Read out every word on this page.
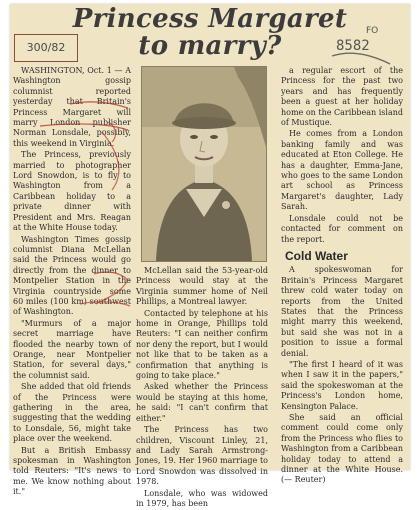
Princess Margaret
to marry?
300/82
FO
8582

WASHINGTON, Oct. 1 — A Washington gossip columnist reported yesterday that Britain's Princess Margaret will marry London publisher Norman Lonsdale, possibly, this weekend in Virginia.

The Princess, previously married to photographer Lord Snowdon, is to fly to Washington from a Caribbean holiday to a private dinner with President and Mrs. Reagan at the White House today.

Washington Times gossip columnist Diana McLellan said the Princess would go directly from the dinner to Montpelier Station in the Virginia countryside some 60 miles (100 km) southwest of Washington.

"Murmurs of a major secret marriage have flooded the nearby town of Orange, near Montpelier Station, for several days," the columnist said.

She added that old friends of the Princess were gathering in the area, suggesting that the wedding to Lonsdale, 56, might take place over the weekend.

But a British Embassy spokesman in Washington told Reuters: "It's news to me. We know nothing about it."

McLellan said the 53-year-old Princess would stay at the Virginia summer home of Neil Phillips, a Montreal lawyer.

Contacted by telephone at his home in Orange, Phillips told Reuters: "I can neither confirm nor deny the report, but I would not like that to be taken as a confirmation that anything is going to take place."

Asked whether the Princess would be staying at this home, he said: "I can't confirm that either."

The Princess has two children, Viscount Linley, 21, and Lady Sarah Armstrong-Jones, 19. Her 1960 marriage to Lord Snowdon was dissolved in 1978.

Lonsdale, who was widowed in 1979, has been

a regular escort of the Princess for the past two years and has frequently been a guest at her holiday home on the Caribbean island of Mustique.

He comes from a London banking family and was educated at Eton College. He has a daughter, Emma-Jane, who goes to the same London art school as Princess Margaret's daughter, Lady Sarah.

Lonsdale could not be contacted for comment on the report.

Cold Water

A spokeswoman for Britain's Princess Margaret threw cold water today on reports from the United States that the Princess might marry this weekend, but said she was not in a position to issue a formal denial.

"The first I heard of it was when I saw it in the papers," said the spokeswoman at the Princess's London home, Kensington Palace.

She said an official comment could come only from the Princess who flies to Washington from a Caribbean holiday today to attend a dinner at the White House. (— Reuter)
